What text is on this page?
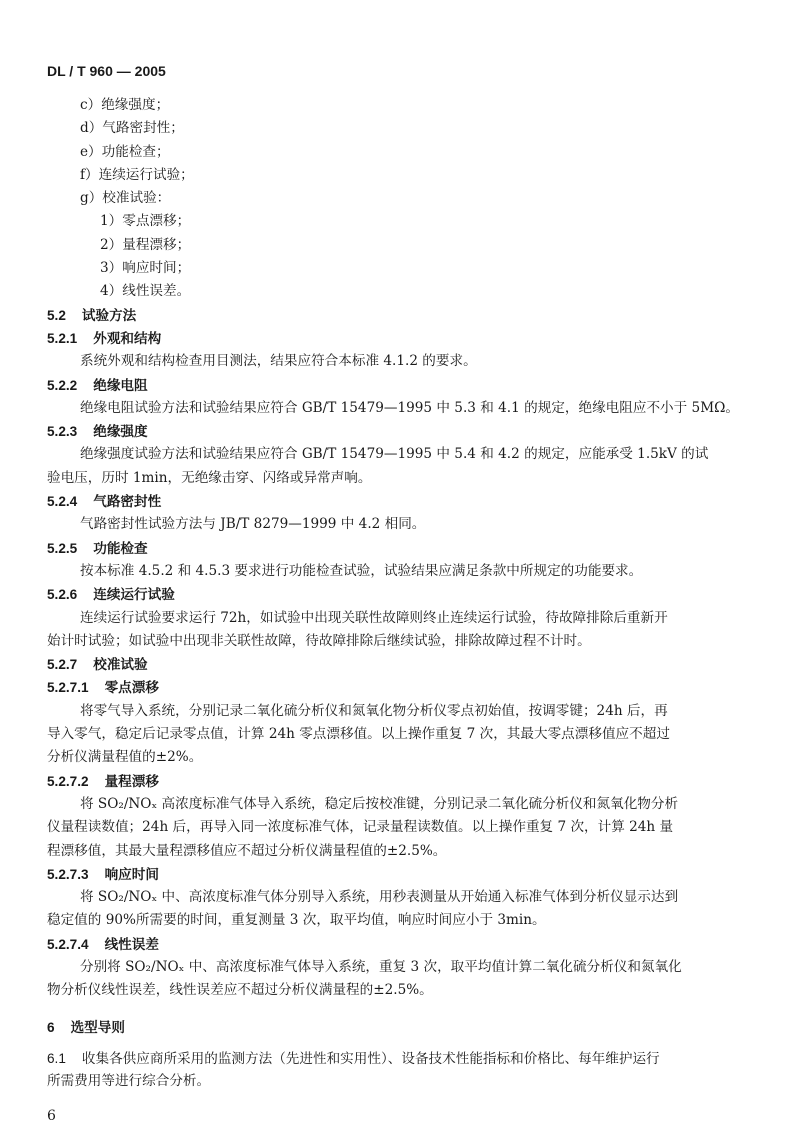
DL / T 960 — 2005
c）绝缘强度；
d）气路密封性；
e）功能检查；
f）连续运行试验；
g）校准试验：
1）零点漂移；
2）量程漂移；
3）响应时间；
4）线性误差。
5.2 试验方法
5.2.1 外观和结构
系统外观和结构检查用目测法，结果应符合本标准 4.1.2 的要求。
5.2.2 绝缘电阻
绝缘电阻试验方法和试验结果应符合 GB/T 15479—1995 中 5.3 和 4.1 的规定，绝缘电阻应不小于 5MΩ。
5.2.3 绝缘强度
绝缘强度试验方法和试验结果应符合 GB/T 15479—1995 中 5.4 和 4.2 的规定，应能承受 1.5kV 的试
验电压，历时 1min，无绝缘击穿、闪络或异常声响。
5.2.4 气路密封性
气路密封性试验方法与 JB/T 8279—1999 中 4.2 相同。
5.2.5 功能检查
按本标准 4.5.2 和 4.5.3 要求进行功能检查试验，试验结果应满足条款中所规定的功能要求。
5.2.6 连续运行试验
连续运行试验要求运行 72h，如试验中出现关联性故障则终止连续运行试验，待故障排除后重新开
始计时试验；如试验中出现非关联性故障，待故障排除后继续试验，排除故障过程不计时。
5.2.7 校准试验
5.2.7.1 零点漂移
将零气导入系统，分别记录二氧化硫分析仪和氮氧化物分析仪零点初始值，按调零键；24h 后，再
导入零气，稳定后记录零点值，计算 24h 零点漂移值。以上操作重复 7 次，其最大零点漂移值应不超过
分析仪满量程值的±2%。
5.2.7.2 量程漂移
将 SO₂/NOₓ 高浓度标准气体导入系统，稳定后按校准键，分别记录二氧化硫分析仪和氮氧化物分析
仪量程读数值；24h 后，再导入同一浓度标准气体，记录量程读数值。以上操作重复 7 次，计算 24h 量
程漂移值，其最大量程漂移值应不超过分析仪满量程值的±2.5%。
5.2.7.3 响应时间
将 SO₂/NOₓ 中、高浓度标准气体分别导入系统，用秒表测量从开始通入标准气体到分析仪显示达到
稳定值的 90%所需要的时间，重复测量 3 次，取平均值，响应时间应小于 3min。
5.2.7.4 线性误差
分别将 SO₂/NOₓ 中、高浓度标准气体导入系统，重复 3 次，取平均值计算二氧化硫分析仪和氮氧化
物分析仪线性误差，线性误差应不超过分析仪满量程的±2.5%。
6 选型导则
6.1 收集各供应商所采用的监测方法（先进性和实用性）、设备技术性能指标和价格比、每年维护运行
所需费用等进行综合分析。
6
